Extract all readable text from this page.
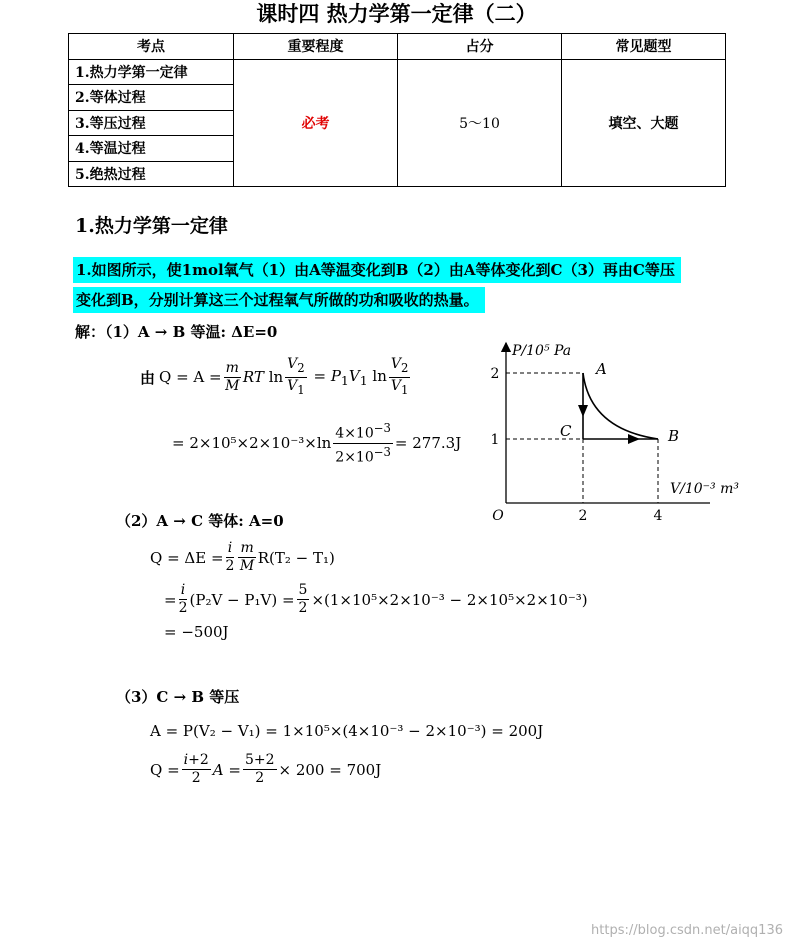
课时四 热力学第一定律（二）
考点	重要程度	占分	常见题型
1.热力学第一定律	必考	5～10	填空、大题
2.等体过程			
3.等压过程			
4.等温过程			
5.绝热过程			
1.热力学第一定律
1.如图所示，使1mol氧气（1）由A等温变化到B（2）由A等体变化到C（3）再由C等压
变化到B，分别计算这三个过程氧气所做的功和吸收的热量。
解：（1）A → B 等温: ΔE=0
由 $Q = A = \frac{m}{M}$ RT $\ln \frac{V_2}{V_1} = P_1V_1$ $\ln \frac{V_2}{V_1}$
= $2\times 10^5\times 2\times 10^{-3}\times\ln \frac{4\times 10^{-3}}{2\times 10^{-3}} = 277.3J$
（2）A → C 等体: A=0
$Q = \Delta E = \frac{i}{2} \frac{m}{M} R(T_2 - T_1)$
= $\frac{i}{2} (P_2V - P_1V) = \frac{5}{2} \times(1\times 10^5\times 2\times 10^{-3} - 2\times 10^5\times 2\times 10^{-3})$
= −500J
（3）C → B 等压
A = P(V₂ − V₁) = 1×10⁵×(4×10⁻³ − 2×10⁻³) = 200J
$Q = \frac{i+2}{2}$ $A = \frac{5+2}{2} \times 200 = 700J$
P/10⁵ Pa
V/10⁻³ m³
O
2
1
2	4
A
B
C
https://blog.csdn.net/aiqq136
